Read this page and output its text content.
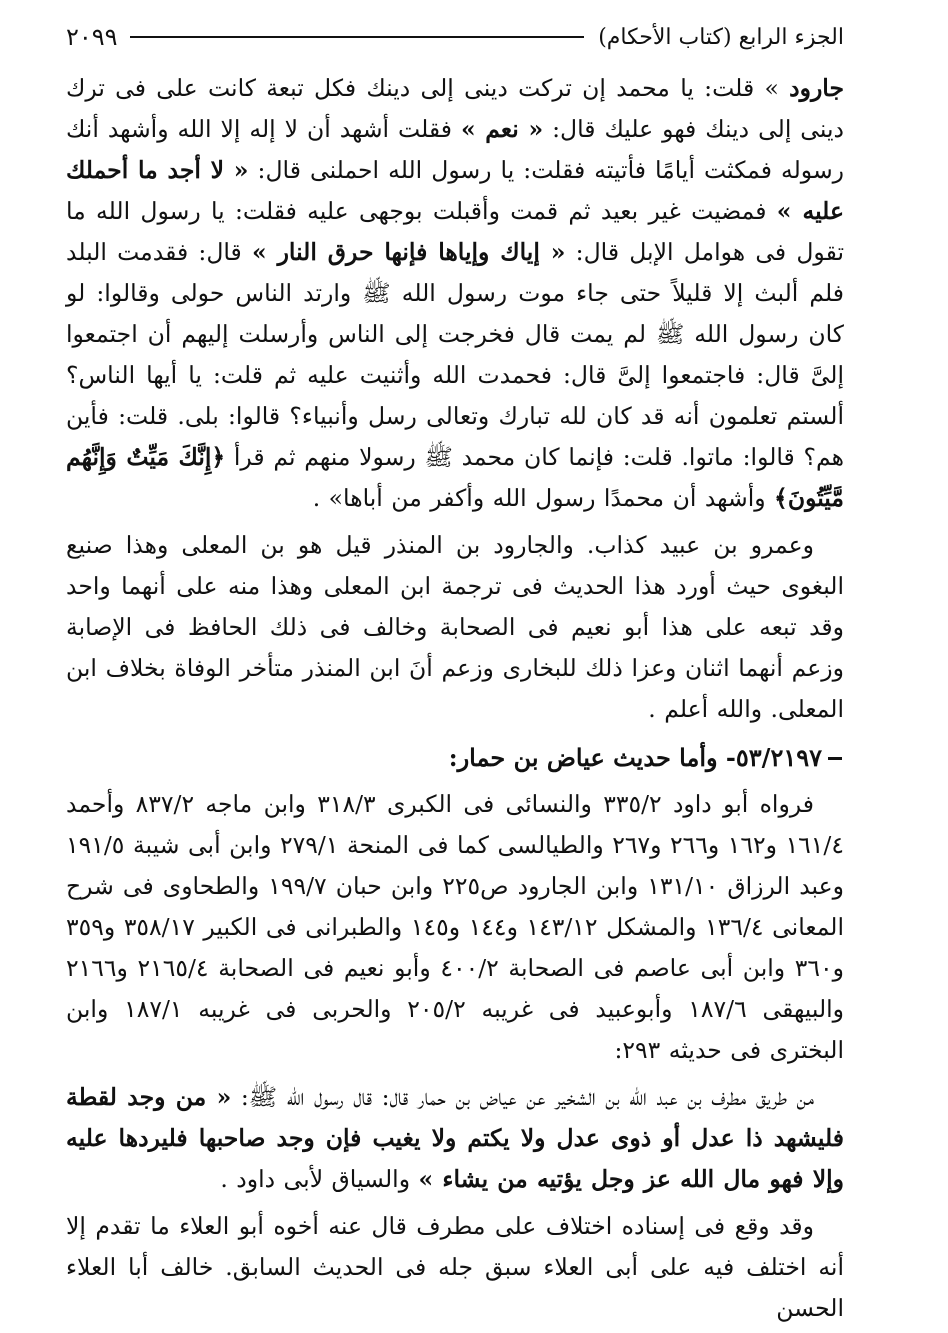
الجزء الرابع (كتاب الأحكام)
٢٠٩٩

جارود » قلت: يا محمد إن تركت دينى إلى دينك فكل تبعة كانت على فى ترك دينى إلى دينك فهو عليك قال: « نعم » فقلت أشهد أن لا إله إلا الله وأشهد أنك رسوله فمكثت أيامًا فأتيته فقلت: يا رسول الله احملنى قال: « لا أجد ما أحملك عليه » فمضيت غير بعيد ثم قمت وأقبلت بوجهى عليه فقلت: يا رسول الله ما تقول فى هوامل الإبل قال: « إياك وإياها فإنها حرق النار » قال: فقدمت البلد فلم ألبث إلا قليلاً حتى جاء موت رسول الله ﷺ وارتد الناس حولى وقالوا: لو كان رسول الله ﷺ لم يمت قال فخرجت إلى الناس وأرسلت إليهم أن اجتمعوا إلىَّ قال: فاجتمعوا إلىَّ قال: فحمدت الله وأثنيت عليه ثم قلت: يا أيها الناس؟ ألستم تعلمون أنه قد كان لله تبارك وتعالى رسل وأنبياء؟ قالوا: بلى. قلت: فأين هم؟ قالوا: ماتوا. قلت: فإنما كان محمد ﷺ رسولا منهم ثم قرأ ﴿إِنَّكَ مَيِّتٌ وَإِنَّهُم مَّيِّتُونَ﴾ وأشهد أن محمدًا رسول الله وأكفر من أباها» .

وعمرو بن عبيد كذاب. والجارود بن المنذر قيل هو بن المعلى وهذا صنيع البغوى حيث أورد هذا الحديث فى ترجمة ابن المعلى وهذا منه على أنهما واحد وقد تبعه على هذا أبو نعيم فى الصحابة وخالف فى ذلك الحافظ فى الإصابة وزعم أنهما اثنان وعزا ذلك للبخارى وزعم أنَ ابن المنذر متأخر الوفاة بخلاف ابن المعلى. والله أعلم .

٥٣/٢١٩٧- وأما حديث عياض بن حمار:

فرواه أبو داود ٣٣٥/٢ والنسائى فى الكبرى ٣١٨/٣ وابن ماجه ٨٣٧/٢ وأحمد ١٦١/٤ و١٦٢ و٢٦٦ و٢٦٧ والطيالسى كما فى المنحة ٢٧٩/١ وابن أبى شيبة ١٩١/٥ وعبد الرزاق ١٣١/١٠ وابن الجارود ص٢٢٥ وابن حبان ١٩٩/٧ والطحاوى فى شرح المعانى ١٣٦/٤ والمشكل ١٤٣/١٢ و١٤٤ و١٤٥ والطبرانى فى الكبير ٣٥٨/١٧ و٣٥٩ و٣٦٠ وابن أبى عاصم فى الصحابة ٤٠٠/٢ وأبو نعيم فى الصحابة ٢١٦٥/٤ و٢١٦٦ والبيهقى ١٨٧/٦ وأبوعبيد فى غريبه ٢٠٥/٢ والحربى فى غريبه ١٨٧/١ وابن البخترى فى حديثه ٢٩٣:

من طريق مطرف بن عبد الله بن الشخير عن عياض بن حمار قال: قال رسول الله ﷺ: « من وجد لقطة فليشهد ذا عدل أو ذوى عدل ولا يكتم ولا يغيب فإن وجد صاحبها فليردها عليه وإلا فهو مال الله عز وجل يؤتيه من يشاء » والسياق لأبى داود .

وقد وقع فى إسناده اختلاف على مطرف قال عنه أخوه أبو العلاء ما تقدم إلا أنه اختلف فيه على أبى العلاء سبق جله فى الحديث السابق. خالف أبا العلاء الحسن
